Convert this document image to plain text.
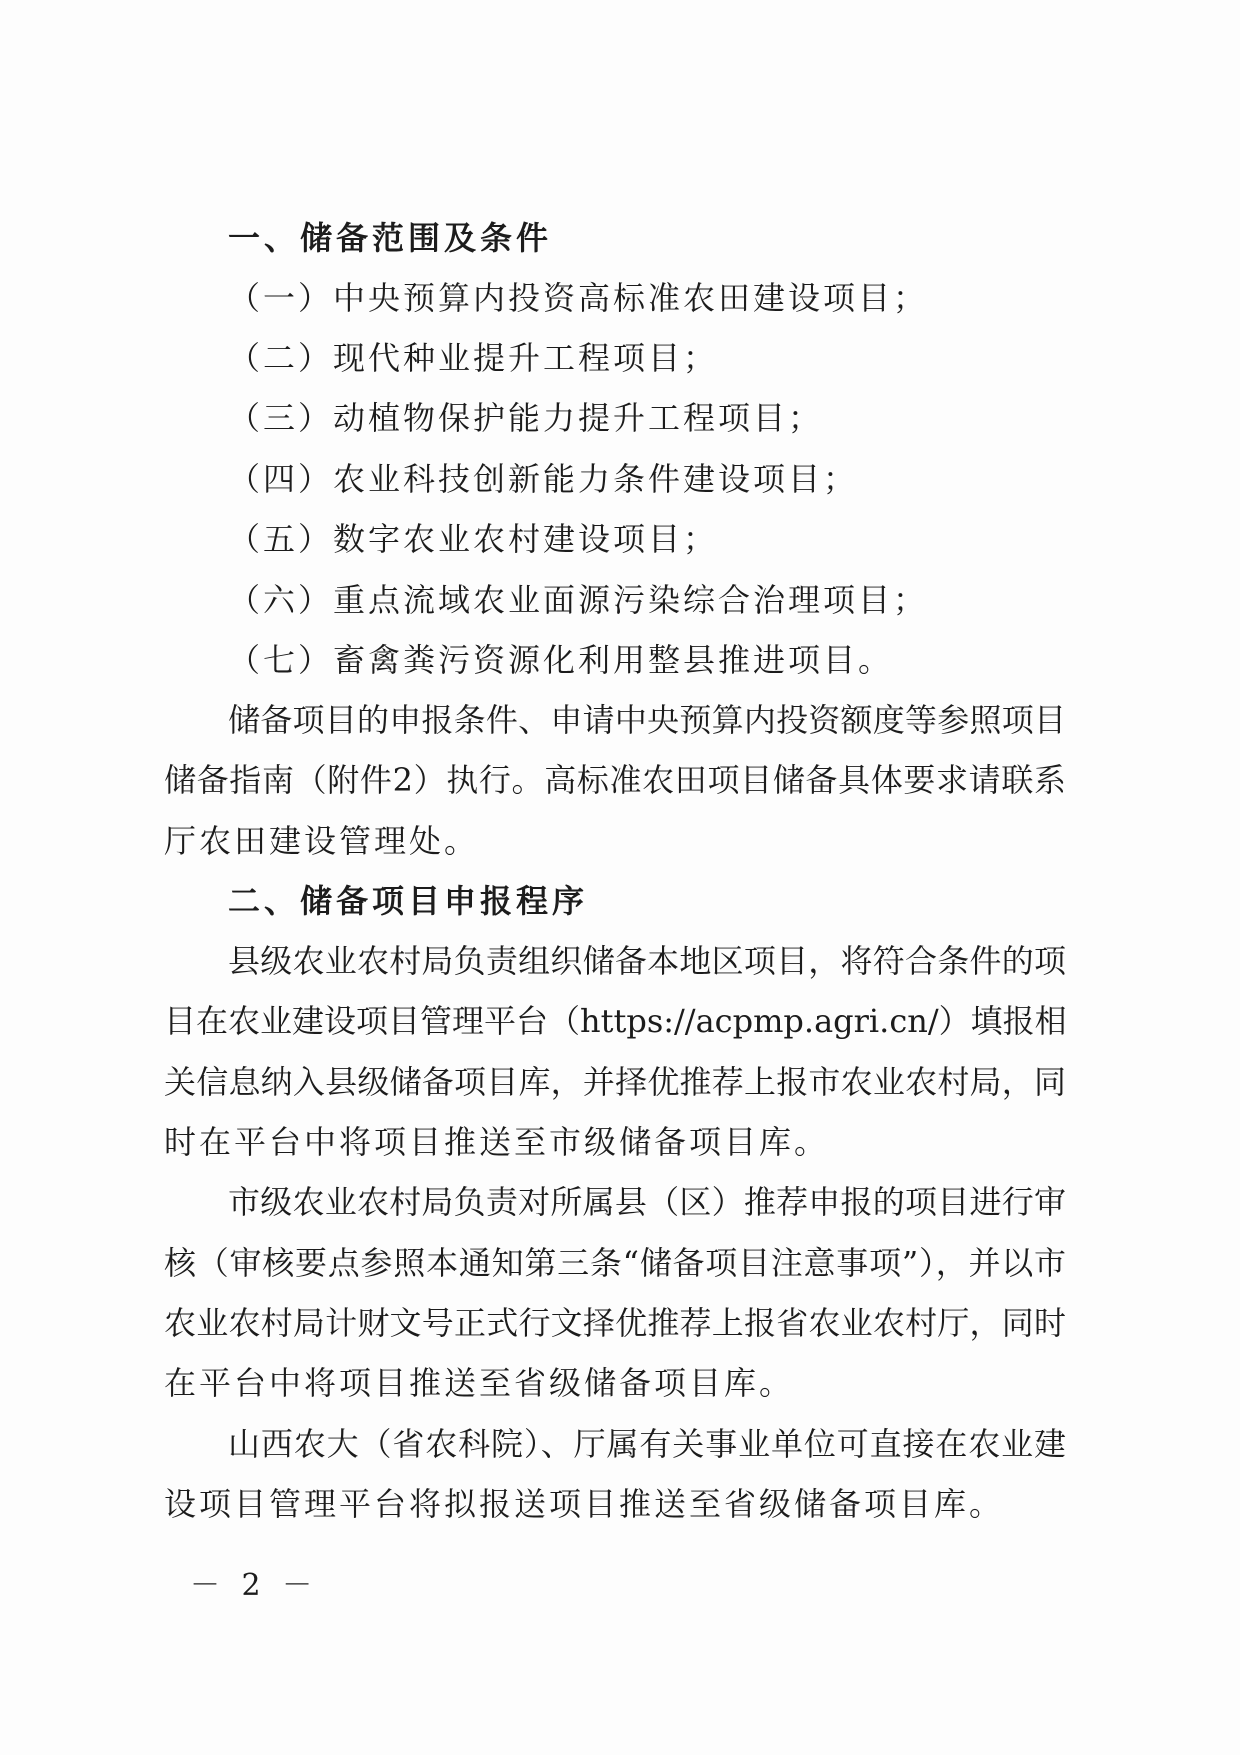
一、储备范围及条件
（一）中央预算内投资高标准农田建设项目；
（二）现代种业提升工程项目；
（三）动植物保护能力提升工程项目；
（四）农业科技创新能力条件建设项目；
（五）数字农业农村建设项目；
（六）重点流域农业面源污染综合治理项目；
（七）畜禽粪污资源化利用整县推进项目。
储备项目的申报条件、申请中央预算内投资额度等参照项目
储备指南（附件2）执行。高标准农田项目储备具体要求请联系
厅农田建设管理处。
二、储备项目申报程序
县级农业农村局负责组织储备本地区项目，将符合条件的项
目在农业建设项目管理平台（https://acpmp.agri.cn/）填报相
关信息纳入县级储备项目库，并择优推荐上报市农业农村局，同
时在平台中将项目推送至市级储备项目库。
市级农业农村局负责对所属县（区）推荐申报的项目进行审
核（审核要点参照本通知第三条“储备项目注意事项”），并以市
农业农村局计财文号正式行文择优推荐上报省农业农村厅，同时
在平台中将项目推送至省级储备项目库。
山西农大（省农科院）、厅属有关事业单位可直接在农业建
设项目管理平台将拟报送项目推送至省级储备项目库。
－ 2 －
